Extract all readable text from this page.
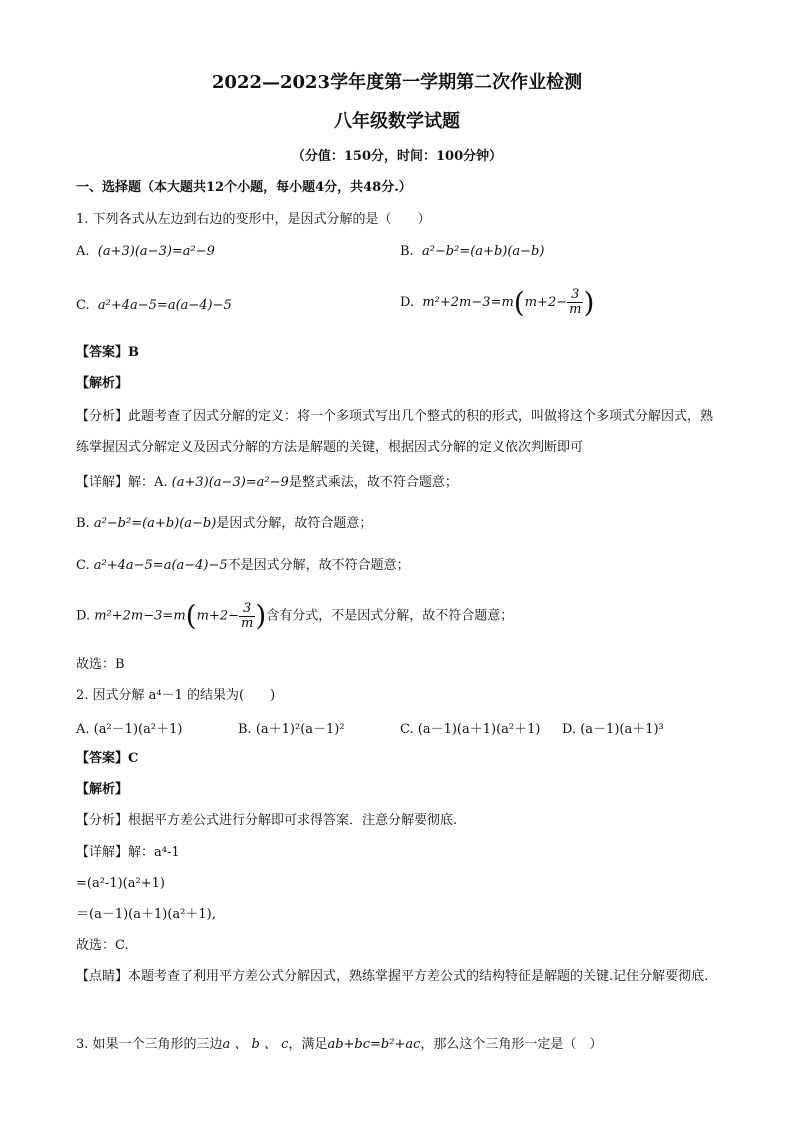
2022—2023学年度第一学期第二次作业检测
八年级数学试题
（分值：150分，时间：100分钟）
一、选择题（本大题共12个小题，每小题4分，共48分.）
1. 下列各式从左边到右边的变形中，是因式分解的是（　　）
A. (a+3)(a−3)=a²−9	B. a²−b²=(a+b)(a−b)
C. a²+4a−5=a(a−4)−5	D. $m^2+2m-3=m(m+2- \frac{3}{m}$ )
【答案】B
【解析】
【分析】此题考查了因式分解的定义：将一个多项式写出几个整式的积的形式，叫做将这个多项式分解因式，熟练掌握因式分解定义及因式分解的方法是解题的关键，根据因式分解的定义依次判断即可
【详解】解：A. (a+3)(a−3)=a²−9是整式乘法，故不符合题意；
B. a²−b²=(a+b)(a−b)是因式分解，故符合题意；
C. a²+4a−5=a(a−4)−5不是因式分解，故不符合题意；
D. $m^2+2m-3=m(m+2- \frac{3}{m}$ )含有分式，不是因式分解，故不符合题意；
故选：B
2. 因式分解 a⁴－1 的结果为(　　)
A. (a²－1)(a²＋1)	B. (a＋1)²(a－1)²	C. (a－1)(a＋1)(a²＋1) D. (a－1)(a＋1)³
【答案】C
【解析】
【分析】根据平方差公式进行分解即可求得答案．注意分解要彻底.
【详解】解：a⁴-1
=(a²-1)(a²+1)
＝(a－1)(a＋1)(a²＋1),
故选：C.
【点睛】本题考查了利用平方差公式分解因式，熟练掌握平方差公式的结构特征是解题的关键.记住分解要彻底.
3. 如果一个三角形的三边a 、 b 、 c，满足ab+bc=b²+ac，那么这个三角形一定是（　）
